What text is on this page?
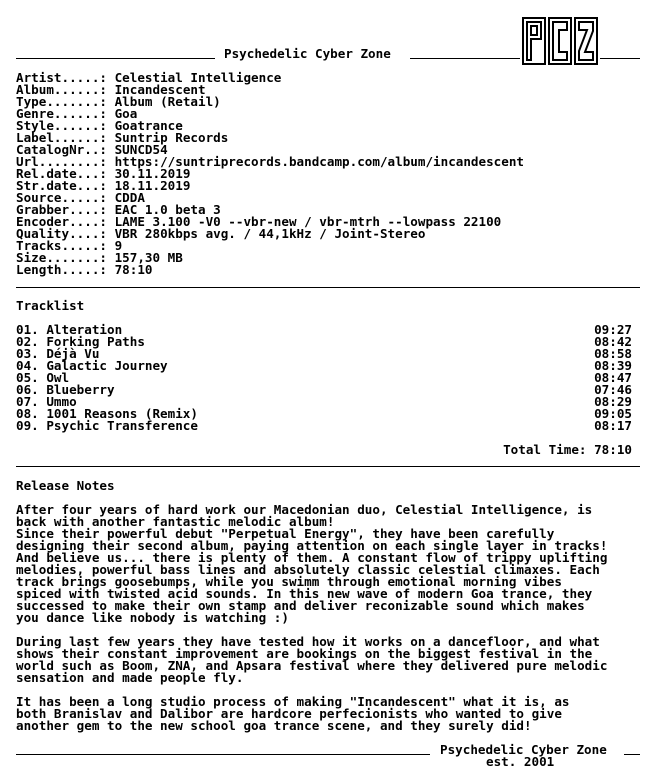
Psychedelic Cyber Zone
Artist.....: Celestial Intelligence
Album......: Incandescent
Type.......: Album (Retail)
Genre......: Goa
Style......: Goatrance
Label......: Suntrip Records
CatalogNr..: SUNCD54
Url........: https://suntriprecords.bandcamp.com/album/incandescent
Rel.date...: 30.11.2019
Str.date...: 18.11.2019
Source.....: CDDA
Grabber....: EAC 1.0 beta 3
Encoder....: LAME 3.100 -V0 --vbr-new / vbr-mtrh --lowpass 22100
Quality....: VBR 280kbps avg. / 44,1kHz / Joint-Stereo
Tracks.....: 9
Size.......: 157,30 MB
Length.....: 78:10
Tracklist
01. Alteration	09:27
02. Forking Paths	08:42
03. Déjà Vu	08:58
04. Galactic Journey	08:39
05. Owl	08:47
06. Blueberry	07:46
07. Ummo	08:29
08. 1001 Reasons (Remix)	09:05
09. Psychic Transference	08:17
Total Time: 78:10
Release Notes
After four years of hard work our Macedonian duo, Celestial Intelligence, is
back with another fantastic melodic album!
Since their powerful debut "Perpetual Energy", they have been carefully
designing their second album, paying attention on each single layer in tracks!
And believe us... there is plenty of them. A constant flow of trippy uplifting
melodies, powerful bass lines and absolutely classic celestial climaxes. Each
track brings goosebumps, while you swimm through emotional morning vibes
spiced with twisted acid sounds. In this new wave of modern Goa trance, they
successed to make their own stamp and deliver reconizable sound which makes
you dance like nobody is watching :)
During last few years they have tested how it works on a dancefloor, and what
shows their constant improvement are bookings on the biggest festival in the
world such as Boom, ZNA, and Apsara festival where they delivered pure melodic
sensation and made people fly.
It has been a long studio process of making "Incandescent" what it is, as
both Branislav and Dalibor are hardcore perfecionists who wanted to give
another gem to the new school goa trance scene, and they surely did!
Psychedelic Cyber Zone
est. 2001
